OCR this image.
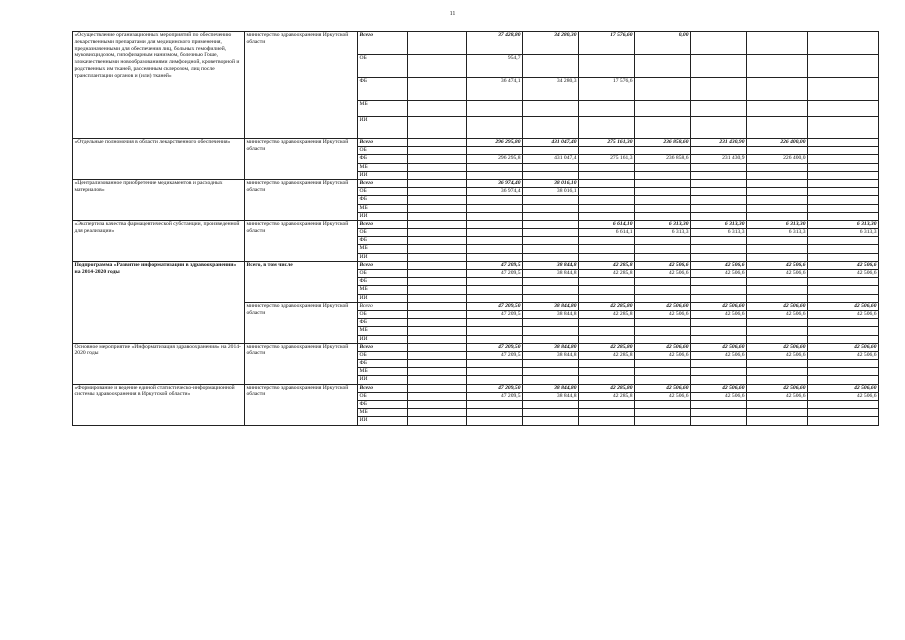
11
«Осуществление организационных мероприятий по обеспечению лекарственными препаратами для медицинского применения, предназначенными для обеспечения лиц, больных гемофилией, муковисцидозом, гипофизарным нанизмом, болезнью Гоше, злокачественными новообразованиями лимфоидной, кроветворной и родственных им тканей, рассеянным склерозом, лиц после трансплантации органов и (или) тканей»	министерство здравоохранения Иркутской области	Всего		37 428,80	34 280,30	17 576,60	0,00			
		ОБ		954,7						
		ФБ		36 474,1	34 280,3	17 576,6				
		МБ								
		ИИ								
«Отдельные полномочия в области лекарственного обеспечения»	министерство здравоохранения Иркутской области	Всего		296 295,80	431 047,40	275 161,30	236 858,60	231 430,90	226 400,00	
		ОБ								
		ФБ		296 295,8	431 047,4	275 161,3	236 858,6	231 430,9	226 400,0	
		МБ								
		ИИ								
«Централизованное приобретение медикаментов и расходных материалов»	министерство здравоохранения Иркутской области	Всего		36 974,40	38 016,10					
		ОБ		36 974,4	38 016,1					
		ФБ								
		МБ								
		ИИ								
«Экспертиза качества фармацевтической субстанции, произведенной для реализации»	министерство здравоохранения Иркутской области	Всего				6 614,10	6 313,30	6 313,30	6 313,30	6 313,30
		ОБ				6 614,1	6 313,3	6 313,3	6 313,3	6 313,3
		ФБ								
		МБ								
		ИИ								
Подпрограмма «Развитие информатизации в здравоохранении» на 2014-2020 годы	Всего, в том числе	Всего		47 209,5	38 844,8	42 285,8	42 506,6	42 506,6	42 506,6	42 506,6
		ОБ		47 209,5	38 844,8	42 285,8	42 506,6	42 506,6	42 506,6	42 506,6
		ФБ								
		МБ								
		ИИ								
	министерство здравоохранения Иркутской области	Всего		47 209,50	38 844,80	42 285,80	42 506,60	42 506,60	42 506,60	42 506,60
		ОБ		47 209,5	38 844,8	42 285,8	42 506,6	42 506,6	42 506,6	42 506,6
		ФБ								
		МБ								
		ИИ								
Основное мероприятие «Информатизация здравоохранения» на 2014-2020 годы	министерство здравоохранения Иркутской области	Всего		47 209,50	38 844,80	42 285,80	42 506,60	42 506,60	42 506,60	42 506,60
		ОБ		47 209,5	38 844,8	42 285,8	42 506,6	42 506,6	42 506,6	42 506,6
		ФБ								
		МБ								
		ИИ								
«Формирование и ведение единой статистическо-информационной системы здравоохранения в Иркутской области»	министерство здравоохранения Иркутской области	Всего		47 209,50	38 844,80	42 285,80	42 506,60	42 506,60	42 506,60	42 506,60
		ОБ		47 209,5	38 844,8	42 285,8	42 506,6	42 506,6	42 506,6	42 506,6
		ФБ								
		МБ								
		ИИ								
